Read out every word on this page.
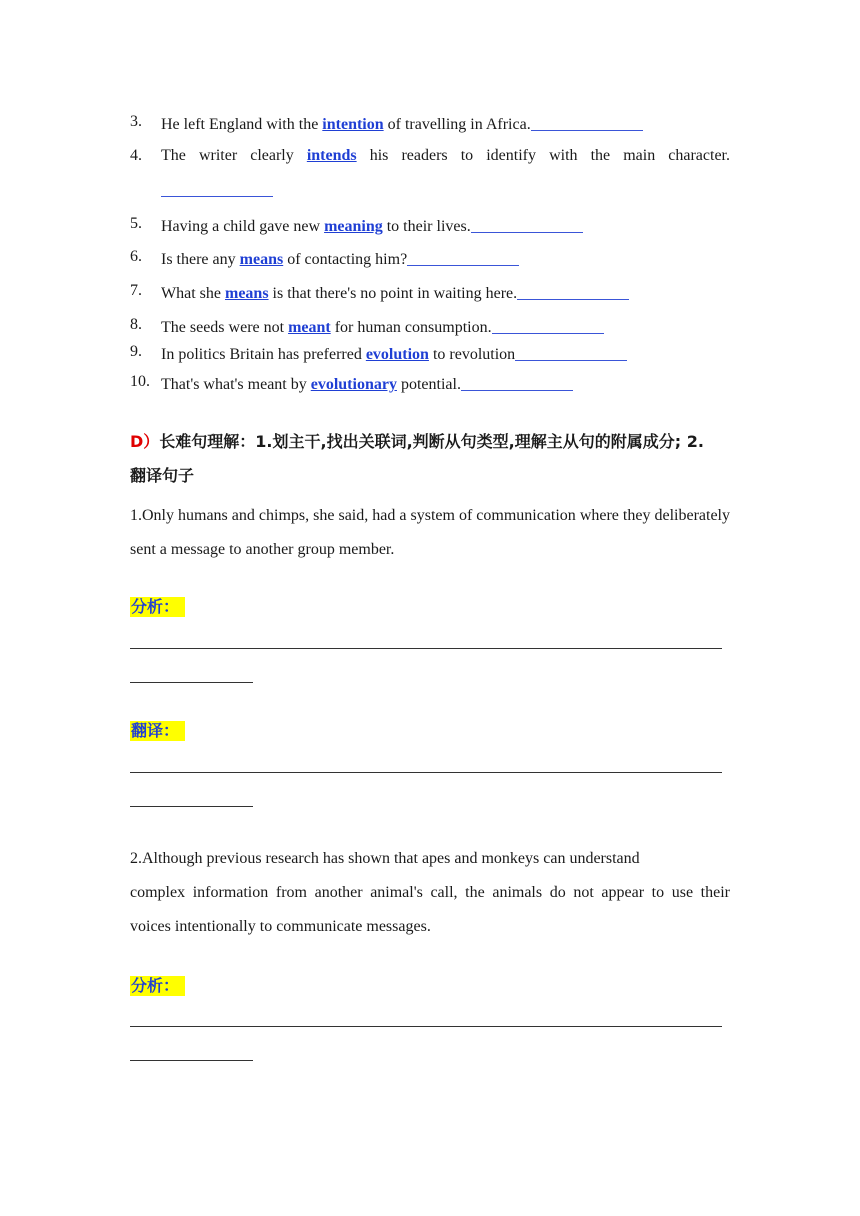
3. He left England with the intention of travelling in Africa.
4. The writer clearly intends his readers to identify with the main character.
5. Having a child gave new meaning to their lives.
6. Is there any means of contacting him?
7. What she means is that there's no point in waiting here.
8. The seeds were not meant for human consumption.
9. In politics Britain has preferred evolution to revolution
10. That's what's meant by evolutionary potential.
D）长难句理解：1.划主干,找出关联词,判断从句类型,理解主从句的附属成分; 2.
翻译句子
1.Only humans and chimps, she said, had a system of communication where they deliberately sent a message to another group member.
分析：
翻译：
2.Although previous research has shown that apes and monkeys can understand
complex information from another animal's call, the animals do not appear to use their
voices intentionally to communicate messages.
分析：
